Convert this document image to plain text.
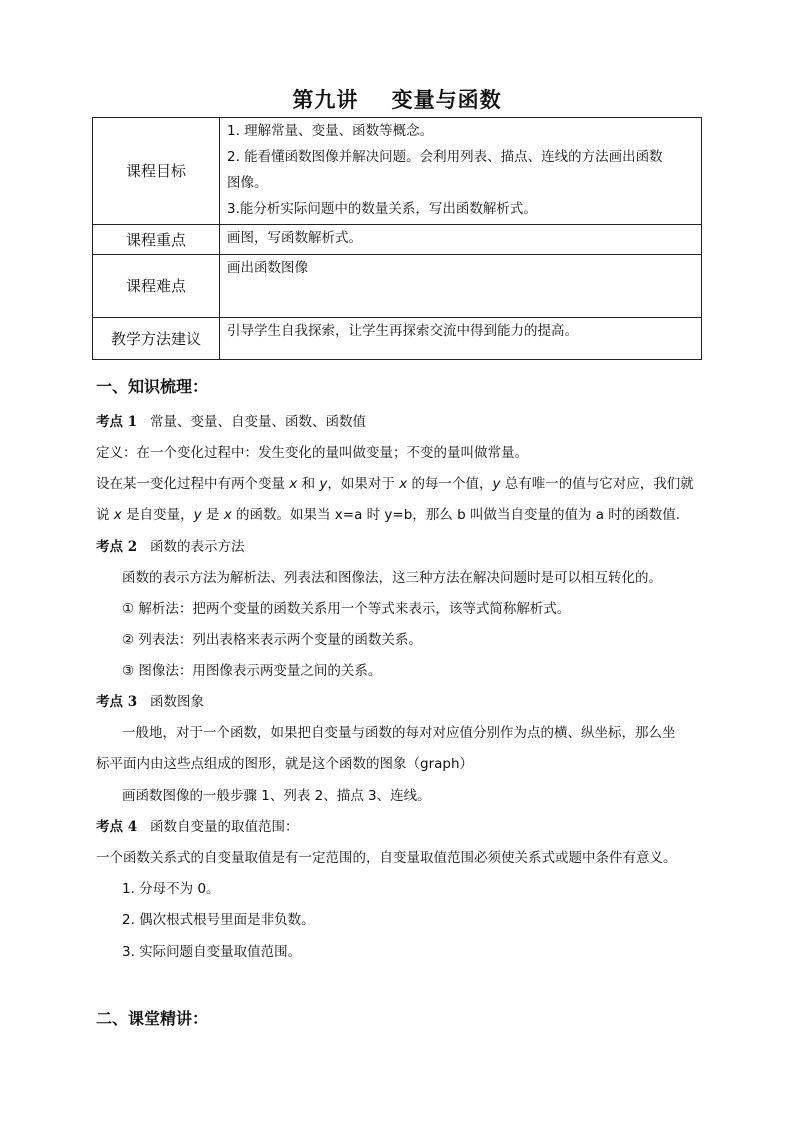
第九讲    变量与函数
课程目标	1. 理解常量、变量、函数等概念。
2. 能看懂函数图像并解决问题。会利用列表、描点、连线的方法画出函数
图像。
3.能分析实际问题中的数量关系，写出函数解析式。

课程重点	画图，写函数解析式。

课程难点	画出函数图像

教学方法建议	引导学生自我探索，让学生再探索交流中得到能力的提高。
一、知识梳理：
考点 1 常量、变量、自变量、函数、函数值
定义：在一个变化过程中：发生变化的量叫做变量；不变的量叫做常量。
设在某一变化过程中有两个变量 x 和 y，如果对于 x 的每一个值，y 总有唯一的值与它对应，我们就
说 x 是自变量，y 是 x 的函数。如果当 x=a 时 y=b，那么 b 叫做当自变量的值为 a 时的函数值.
考点 2 函数的表示方法
函数的表示方法为解析法、列表法和图像法，这三种方法在解决问题时是可以相互转化的。
① 解析法：把两个变量的函数关系用一个等式来表示，该等式简称解析式。
② 列表法：列出表格来表示两个变量的函数关系。
③ 图像法：用图像表示两变量之间的关系。
考点 3 函数图象
一般地，对于一个函数，如果把自变量与函数的每对对应值分别作为点的横、纵坐标，那么坐
标平面内由这些点组成的图形，就是这个函数的图象（graph）
画函数图像的一般步骤 1、列表 2、描点 3、连线。
考点 4 函数自变量的取值范围：
一个函数关系式的自变量取值是有一定范围的，自变量取值范围必须使关系式或题中条件有意义。
1. 分母不为 0。
2. 偶次根式根号里面是非负数。
3. 实际问题自变量取值范围。
二、课堂精讲：
